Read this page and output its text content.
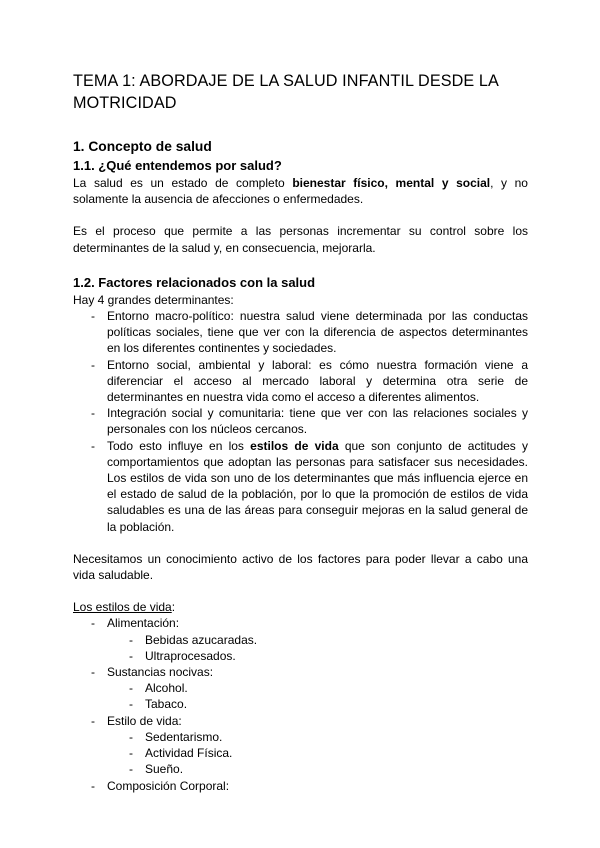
TEMA 1: ABORDAJE DE LA SALUD INFANTIL DESDE LA MOTRICIDAD
1. Concepto de salud
1.1. ¿Qué entendemos por salud?

La salud es un estado de completo bienestar físico, mental y social, y no solamente la ausencia de afecciones o enfermedades.

Es el proceso que permite a las personas incrementar su control sobre los determinantes de la salud y, en consecuencia, mejorarla.

1.2. Factores relacionados con la salud

Hay 4 grandes determinantes:

- Entorno macro-político: nuestra salud viene determinada por las conductas políticas sociales, tiene que ver con la diferencia de aspectos determinantes en los diferentes continentes y sociedades.
- Entorno social, ambiental y laboral: es cómo nuestra formación viene a diferenciar el acceso al mercado laboral y determina otra serie de determinantes en nuestra vida como el acceso a diferentes alimentos.
- Integración social y comunitaria: tiene que ver con las relaciones sociales y personales con los núcleos cercanos.
- Todo esto influye en los estilos de vida que son conjunto de actitudes y comportamientos que adoptan las personas para satisfacer sus necesidades. Los estilos de vida son uno de los determinantes que más influencia ejerce en el estado de salud de la población, por lo que la promoción de estilos de vida saludables es una de las áreas para conseguir mejoras en la salud general de la población.

Necesitamos un conocimiento activo de los factores para poder llevar a cabo una vida saludable.

Los estilos de vida:

- Alimentación:
- Bebidas azucaradas.
- Ultraprocesados.
- Sustancias nocivas:
- Alcohol.
- Tabaco.
- Estilo de vida:
- Sedentarismo.
- Actividad Física.
- Sueño.
- Composición Corporal:
